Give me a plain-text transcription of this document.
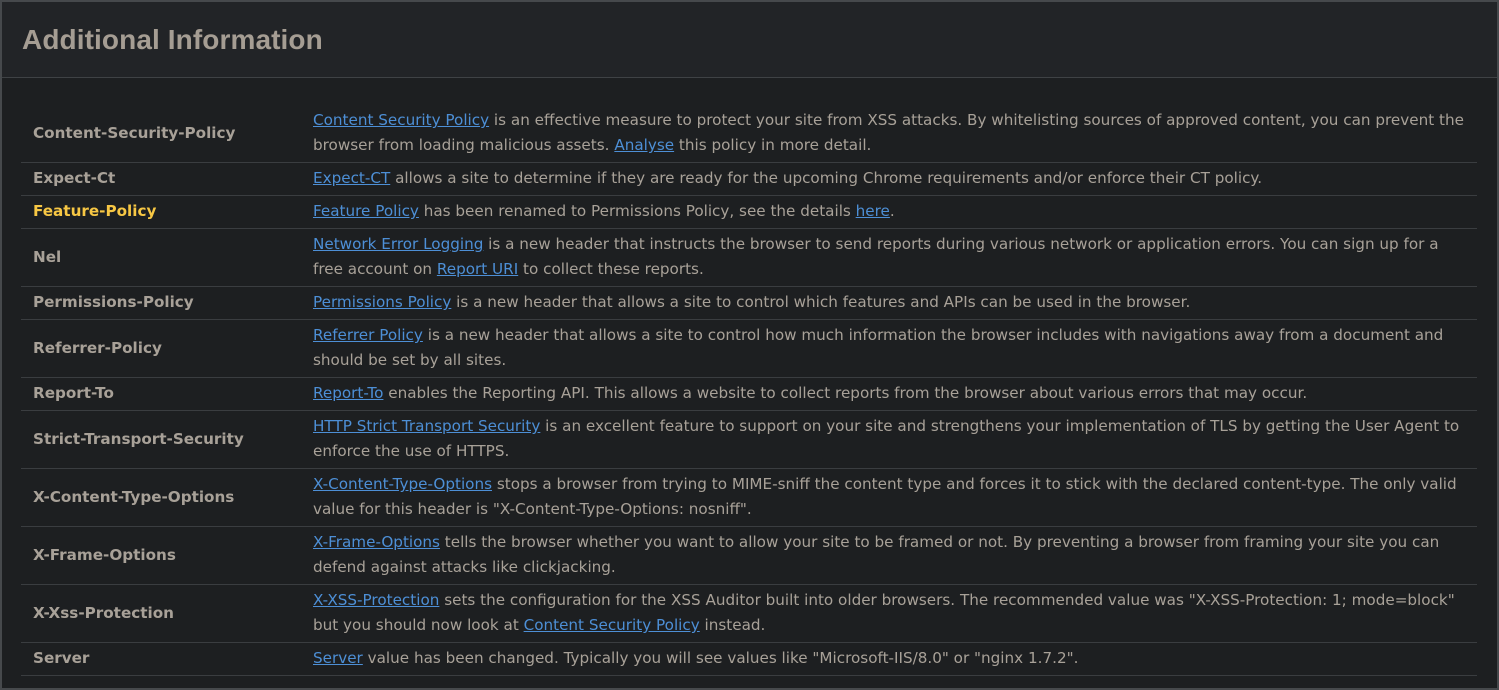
Additional Information
Content-Security-Policy	Content Security Policy is an effective measure to protect your site from XSS attacks. By whitelisting sources of approved content, you can prevent the browser from loading malicious assets. Analyse this policy in more detail.
Expect-Ct	Expect-CT allows a site to determine if they are ready for the upcoming Chrome requirements and/or enforce their CT policy.
Feature-Policy	Feature Policy has been renamed to Permissions Policy, see the details here.
Nel	Network Error Logging is a new header that instructs the browser to send reports during various network or application errors. You can sign up for a free account on Report URI to collect these reports.
Permissions-Policy	Permissions Policy is a new header that allows a site to control which features and APIs can be used in the browser.
Referrer-Policy	Referrer Policy is a new header that allows a site to control how much information the browser includes with navigations away from a document and should be set by all sites.
Report-To	Report-To enables the Reporting API. This allows a website to collect reports from the browser about various errors that may occur.
Strict-Transport-Security	HTTP Strict Transport Security is an excellent feature to support on your site and strengthens your implementation of TLS by getting the User Agent to enforce the use of HTTPS.
X-Content-Type-Options	X-Content-Type-Options stops a browser from trying to MIME-sniff the content type and forces it to stick with the declared content-type. The only valid value for this header is "X-Content-Type-Options: nosniff".
X-Frame-Options	X-Frame-Options tells the browser whether you want to allow your site to be framed or not. By preventing a browser from framing your site you can defend against attacks like clickjacking.
X-Xss-Protection	X-XSS-Protection sets the configuration for the XSS Auditor built into older browsers. The recommended value was "X-XSS-Protection: 1; mode=block" but you should now look at Content Security Policy instead.
Server	Server value has been changed. Typically you will see values like "Microsoft-IIS/8.0" or "nginx 1.7.2".
